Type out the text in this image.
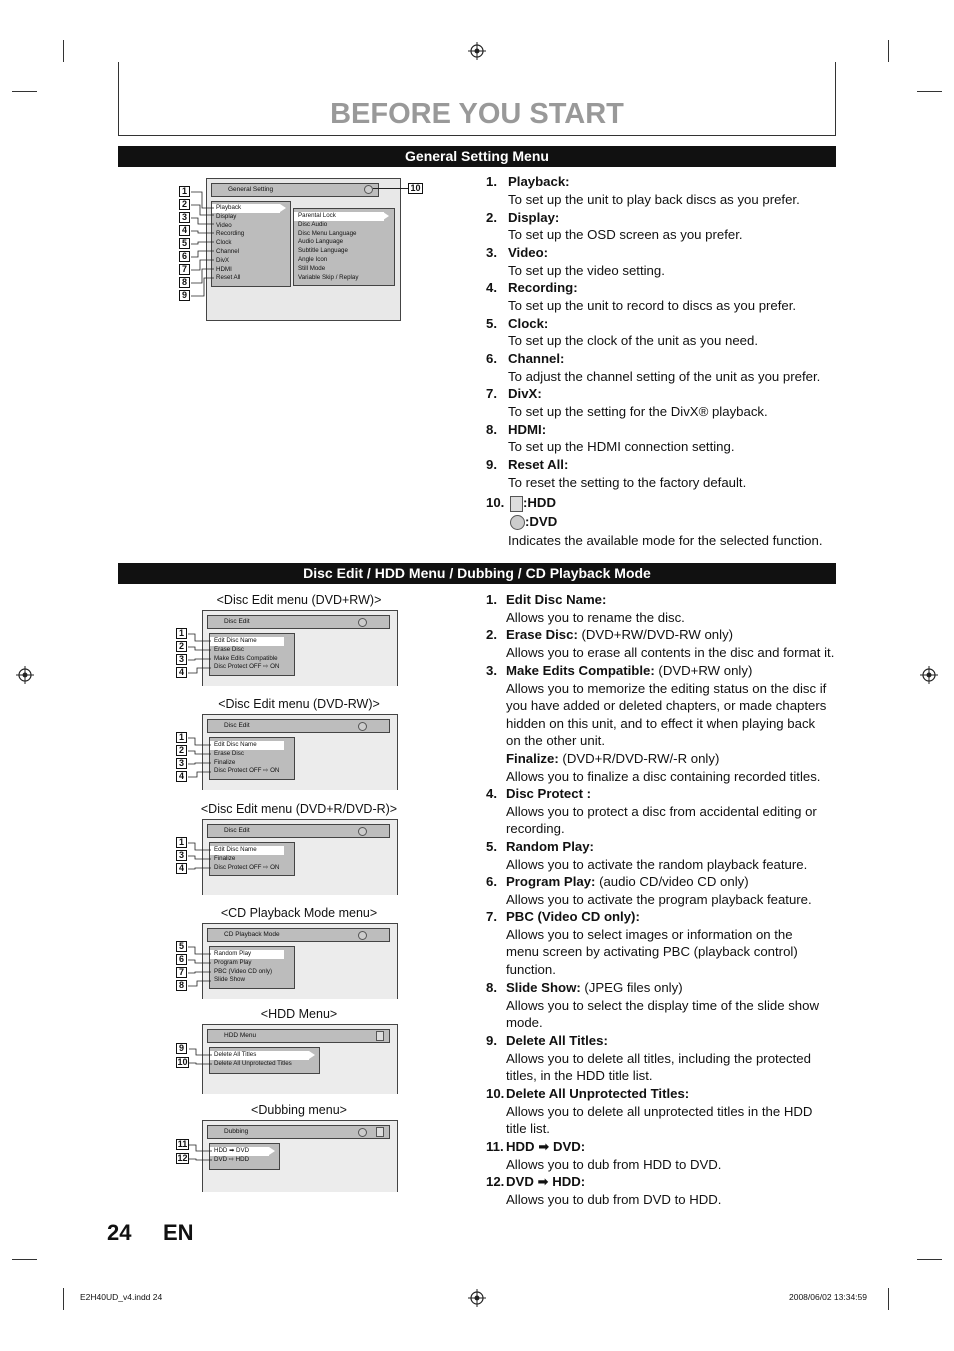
BEFORE YOU START
General Setting Menu
General Setting
Playback
Display
Video
Recording
Clock
Channel
DivX
HDMI
Reset All
Parental Lock
Disc Audio
Disc Menu Language
Audio Language
Subtitle Language
Angle Icon
Still Mode
Variable Skip / Replay
1
2
3
4
5
6
7
8
9
10	1. Playback:
To set up the unit to play back discs as you prefer.
2. Display:
To set up the OSD screen as you prefer.
3. Video:
To set up the video setting.
4. Recording:
To set up the unit to record to discs as you prefer.
5. Clock:
To set up the clock of the unit as you need.
6. Channel:
To adjust the channel setting of the unit as you prefer.
7. DivX:
To set up the setting for the DivX® playback.
8. HDMI:
To set up the HDMI connection setting.
9. Reset All:
To reset the setting to the factory default.
10.	:HDD
:DVD
Indicates the available mode for the selected function.
Disc Edit / HDD Menu / Dubbing / CD Playback Mode
<Disc Edit menu (DVD+RW)>
Disc Edit
Edit Disc Name
Erase Disc
Make Edits Compatible
Disc Protect OFF ⇨ ON
1
2
3
4
<Disc Edit menu (DVD-RW)>
Disc Edit
Edit Disc Name
Erase Disc
Finalize
Disc Protect OFF ⇨ ON
1
2
3
4
<Disc Edit menu (DVD+R/DVD-R)>
Disc Edit
Edit Disc Name
Finalize
Disc Protect OFF ⇨ ON
1
3
4
<CD Playback Mode menu>
CD Playback Mode
Random Play
Program Play
PBC (Video CD only)
Slide Show
5
6
7
8
<HDD Menu>
HDD Menu
Delete All Titles
Delete All Unprotected Titles
9
10
<Dubbing menu>
Dubbing
HDD ➡ DVD
DVD ⇨ HDD
11
12
1. Edit Disc Name:
Allows you to rename the disc.
2. Erase Disc: (DVD+RW/DVD-RW only)
Allows you to erase all contents in the disc and format it.
3. Make Edits Compatible: (DVD+RW only)
Allows you to memorize the editing status on the disc if you have added or deleted chapters, or made chapters hidden on this unit, and to effect it when playing back on the other unit.
Finalize: (DVD+R/DVD-RW/-R only)
Allows you to finalize a disc containing recorded titles.
4. Disc Protect :
Allows you to protect a disc from accidental editing or recording.
5. Random Play:
Allows you to activate the random playback feature.
6. Program Play: (audio CD/video CD only)
Allows you to activate the program playback feature.
7. PBC (Video CD only):
Allows you to select images or information on the menu screen by activating PBC (playback control) function.
8. Slide Show: (JPEG files only)
Allows you to select the display time of the slide show mode.
9. Delete All Titles:
Allows you to delete all titles, including the protected titles, in the HDD title list.
10. Delete All Unprotected Titles:
Allows you to delete all unprotected titles in the HDD title list.
11. HDD ➡ DVD:
Allows you to dub from HDD to DVD.
12. DVD ➡ HDD:
Allows you to dub from DVD to HDD.
24 EN
E2H40UD_v4.indd 24	2008/06/02 13:34:59
